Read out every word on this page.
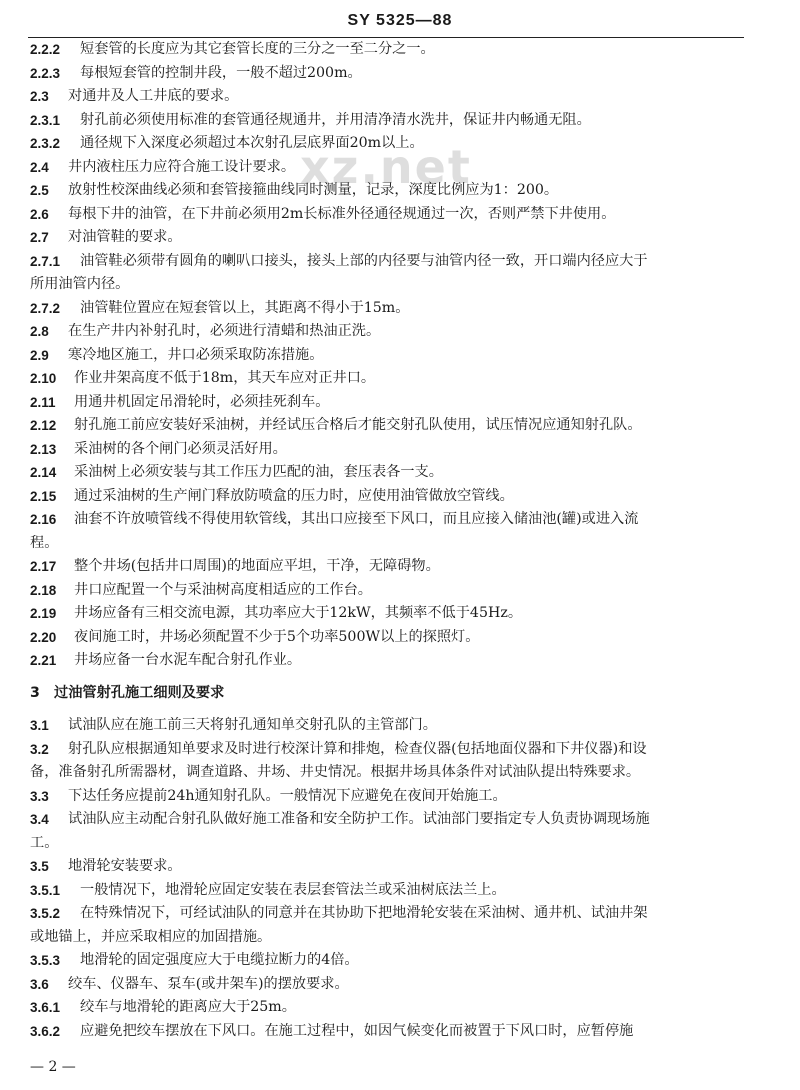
SY 5325—88
xz.net
2.2.2 短套管的长度应为其它套管长度的三分之一至二分之一。
2.2.3 每根短套管的控制井段，一般不超过200m。
2.3 对通井及人工井底的要求。
2.3.1 射孔前必须使用标准的套管通径规通井，并用清净清水洗井，保证井内畅通无阻。
2.3.2 通径规下入深度必须超过本次射孔层底界面20m以上。
2.4 井内液柱压力应符合施工设计要求。
2.5 放射性校深曲线必须和套管接箍曲线同时测量，记录，深度比例应为1：200。
2.6 每根下井的油管，在下井前必须用2m长标准外径通径规通过一次，否则严禁下井使用。
2.7 对油管鞋的要求。
2.7.1 油管鞋必须带有圆角的喇叭口接头，接头上部的内径要与油管内径一致，开口端内径应大于
所用油管内径。
2.7.2 油管鞋位置应在短套管以上，其距离不得小于15m。
2.8 在生产井内补射孔时，必须进行清蜡和热油正洗。
2.9 寒冷地区施工，井口必须采取防冻措施。
2.10 作业井架高度不低于18m，其天车应对正井口。
2.11 用通井机固定吊滑轮时，必须挂死刹车。
2.12 射孔施工前应安装好采油树，并经试压合格后才能交射孔队使用，试压情况应通知射孔队。
2.13 采油树的各个闸门必须灵活好用。
2.14 采油树上必须安装与其工作压力匹配的油，套压表各一支。
2.15 通过采油树的生产闸门释放防喷盒的压力时，应使用油管做放空管线。
2.16 油套不许放喷管线不得使用软管线，其出口应接至下风口，而且应接入储油池(罐)或进入流
程。
2.17 整个井场(包括井口周围)的地面应平坦，干净，无障碍物。
2.18 井口应配置一个与采油树高度相适应的工作台。
2.19 井场应备有三相交流电源，其功率应大于12kW，其频率不低于45Hz。
2.20 夜间施工时，井场必须配置不少于5个功率500W以上的探照灯。
2.21 井场应备一台水泥车配合射孔作业。
3　过油管射孔施工细则及要求
3.1 试油队应在施工前三天将射孔通知单交射孔队的主管部门。
3.2 射孔队应根据通知单要求及时进行校深计算和排炮，检查仪器(包括地面仪器和下井仪器)和设
备，准备射孔所需器材，调查道路、井场、井史情况。根据井场具体条件对试油队提出特殊要求。
3.3 下达任务应提前24h通知射孔队。一般情况下应避免在夜间开始施工。
3.4 试油队应主动配合射孔队做好施工准备和安全防护工作。试油部门要指定专人负责协调现场施
工。
3.5 地滑轮安装要求。
3.5.1 一般情况下，地滑轮应固定安装在表层套管法兰或采油树底法兰上。
3.5.2 在特殊情况下，可经试油队的同意并在其协助下把地滑轮安装在采油树、通井机、试油井架
或地锚上，并应采取相应的加固措施。
3.5.3 地滑轮的固定强度应大于电缆拉断力的4倍。
3.6 绞车、仪器车、泵车(或井架车)的摆放要求。
3.6.1 绞车与地滑轮的距离应大于25m。
3.6.2 应避免把绞车摆放在下风口。在施工过程中，如因气候变化而被置于下风口时，应暂停施
— 2 —
